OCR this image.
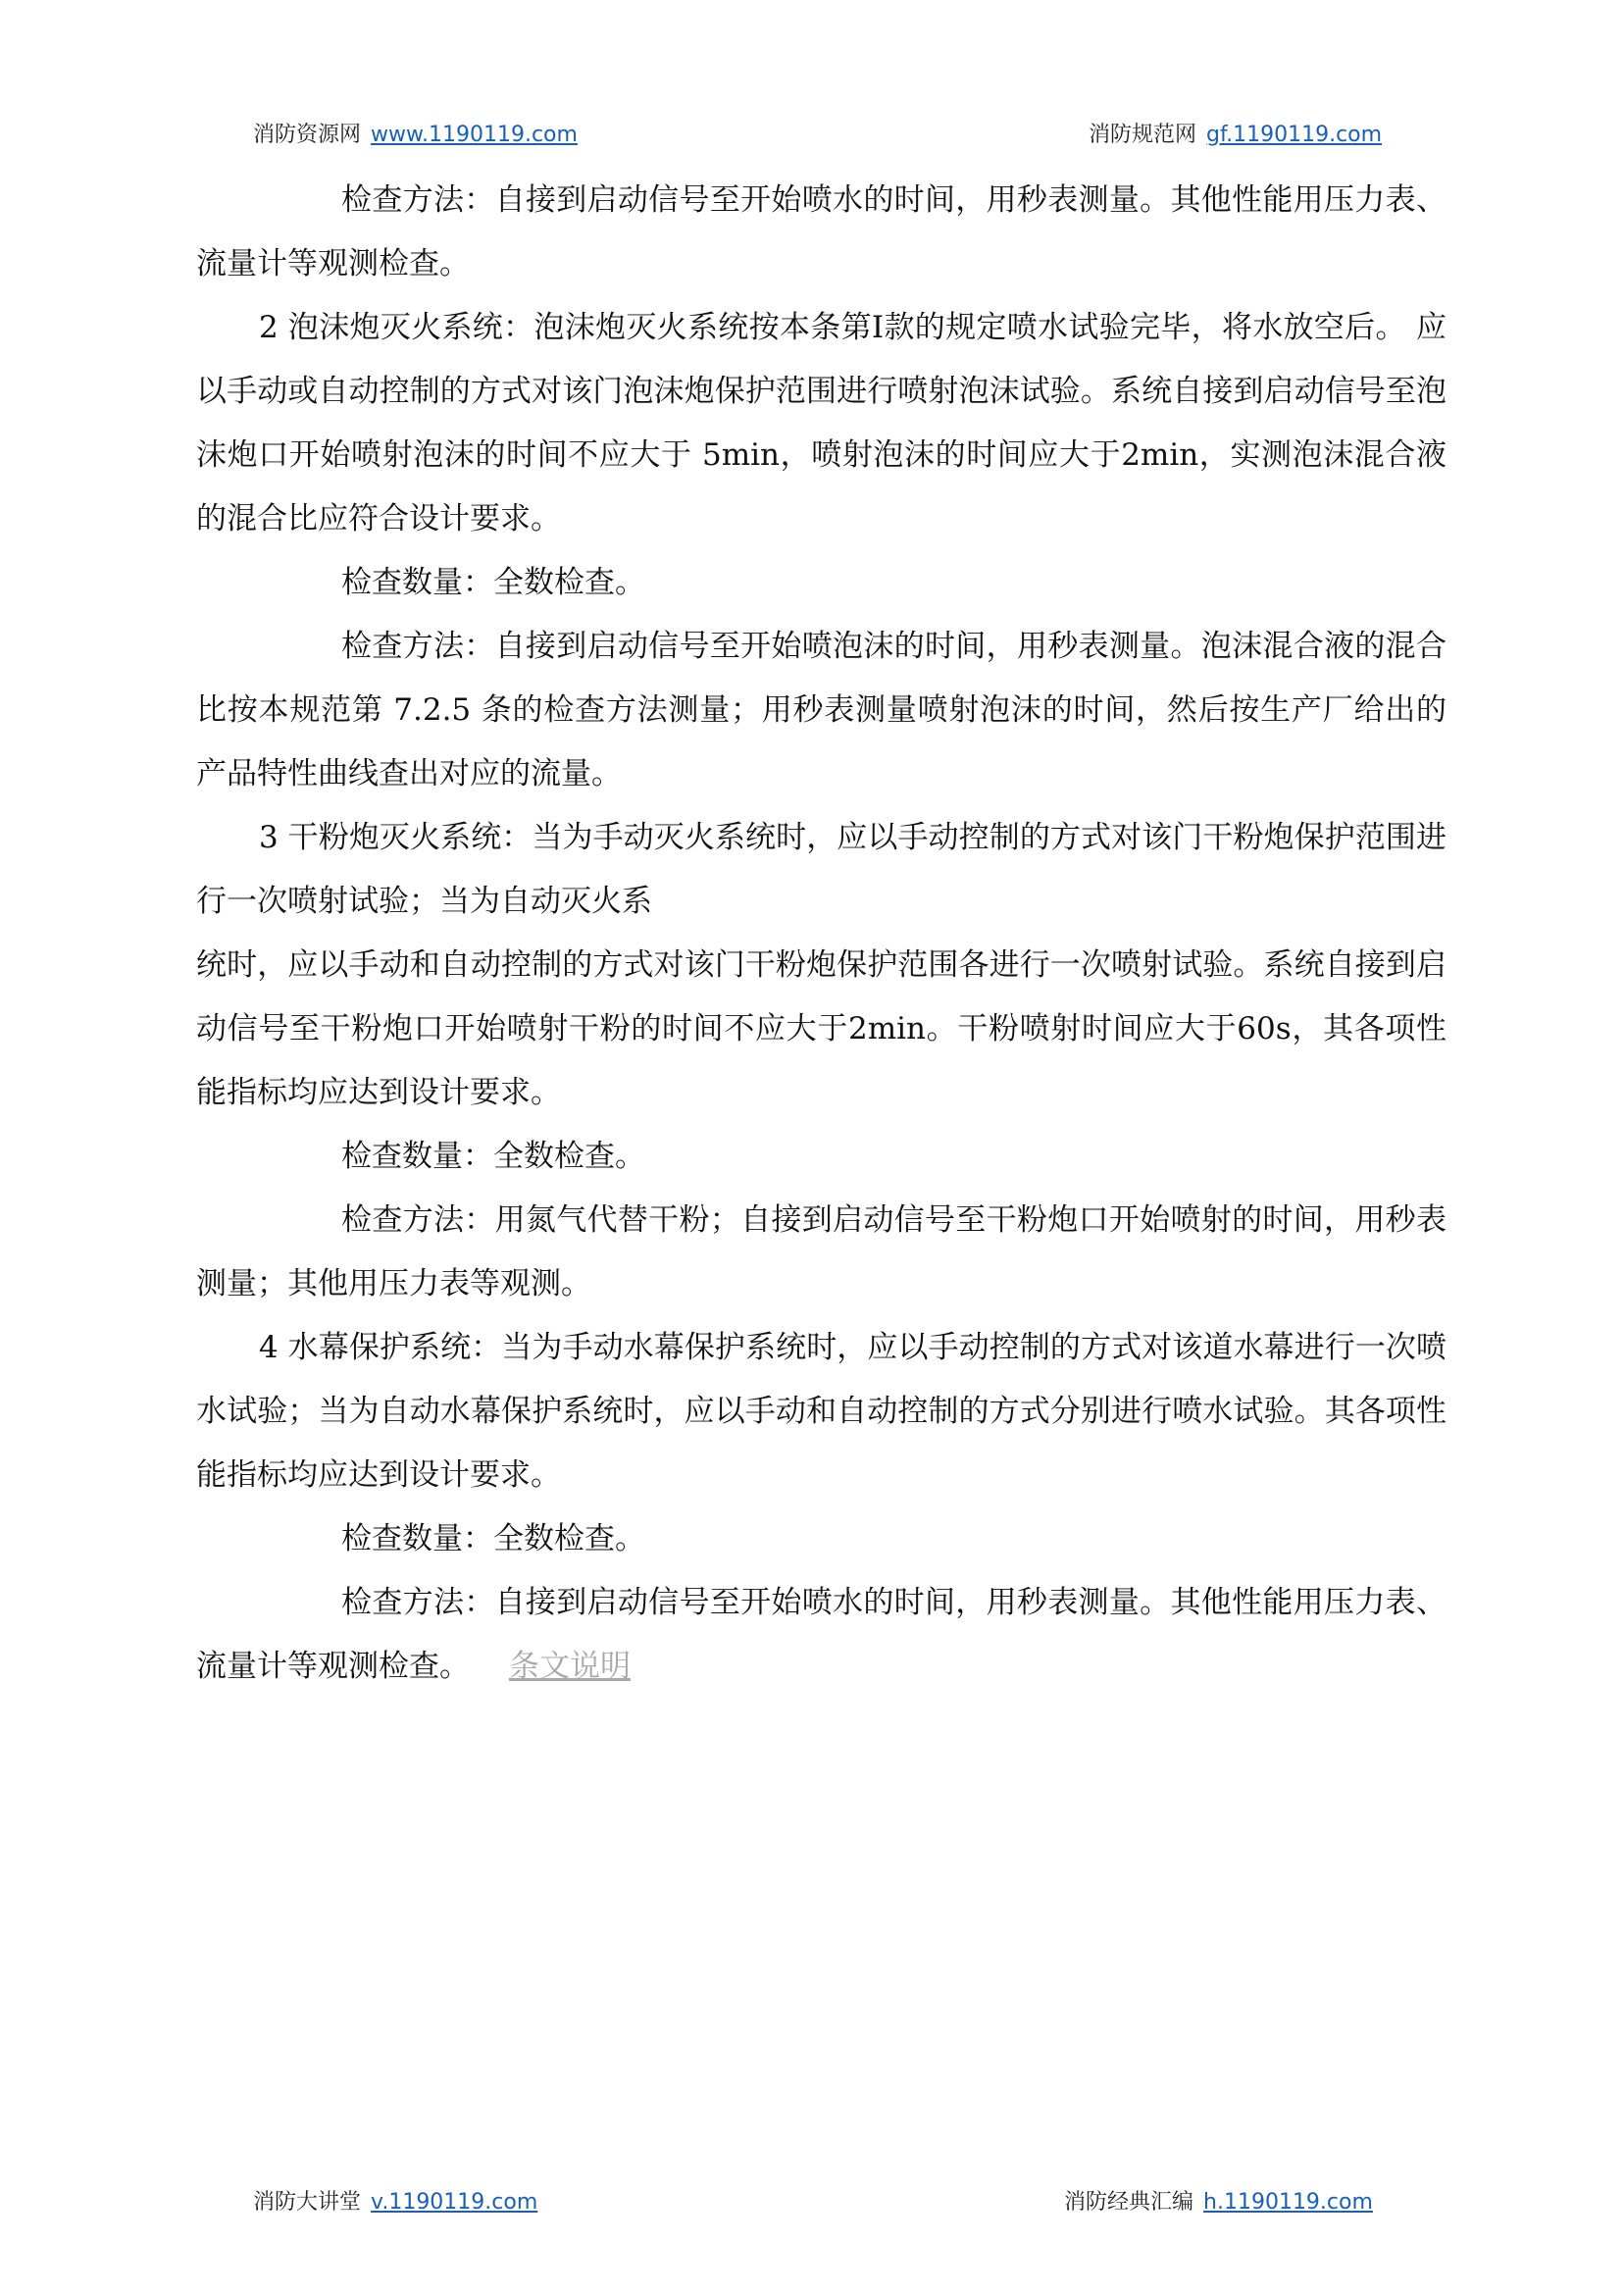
消防资源网 www.1190119.com	消防规范网 gf.1190119.com

检查方法：自接到启动信号至开始喷水的时间，用秒表测量。其他性能用压力表、流量计等观测检查。

2 泡沫炮灭火系统：泡沫炮灭火系统按本条第Ⅰ款的规定喷水试验完毕，将水放空后。 应以手动或自动控制的方式对该门泡沫炮保护范围进行喷射泡沫试验。系统自接到启动信号至泡沫炮口开始喷射泡沫的时间不应大于 5min，喷射泡沫的时间应大于2min，实测泡沫混合液的混合比应符合设计要求。

检查数量：全数检查。

检查方法：自接到启动信号至开始喷泡沫的时间，用秒表测量。泡沫混合液的混合比按本规范第 7.2.5 条的检查方法测量；用秒表测量喷射泡沫的时间，然后按生产厂给出的产品特性曲线查出对应的流量。

3 干粉炮灭火系统：当为手动灭火系统时，应以手动控制的方式对该门干粉炮保护范围进行一次喷射试验；当为自动灭火系

统时，应以手动和自动控制的方式对该门干粉炮保护范围各进行一次喷射试验。系统自接到启动信号至干粉炮口开始喷射干粉的时间不应大于2min。干粉喷射时间应大于60s，其各项性能指标均应达到设计要求。

检查数量：全数检查。

检查方法：用氮气代替干粉；自接到启动信号至干粉炮口开始喷射的时间，用秒表测量；其他用压力表等观测。

4 水幕保护系统：当为手动水幕保护系统时，应以手动控制的方式对该道水幕进行一次喷水试验；当为自动水幕保护系统时，应以手动和自动控制的方式分别进行喷水试验。其各项性能指标均应达到设计要求。

检查数量：全数检查。

检查方法：自接到启动信号至开始喷水的时间，用秒表测量。其他性能用压力表、流量计等观测检查。 条文说明

消防大讲堂 v.1190119.com	消防经典汇编 h.1190119.com
